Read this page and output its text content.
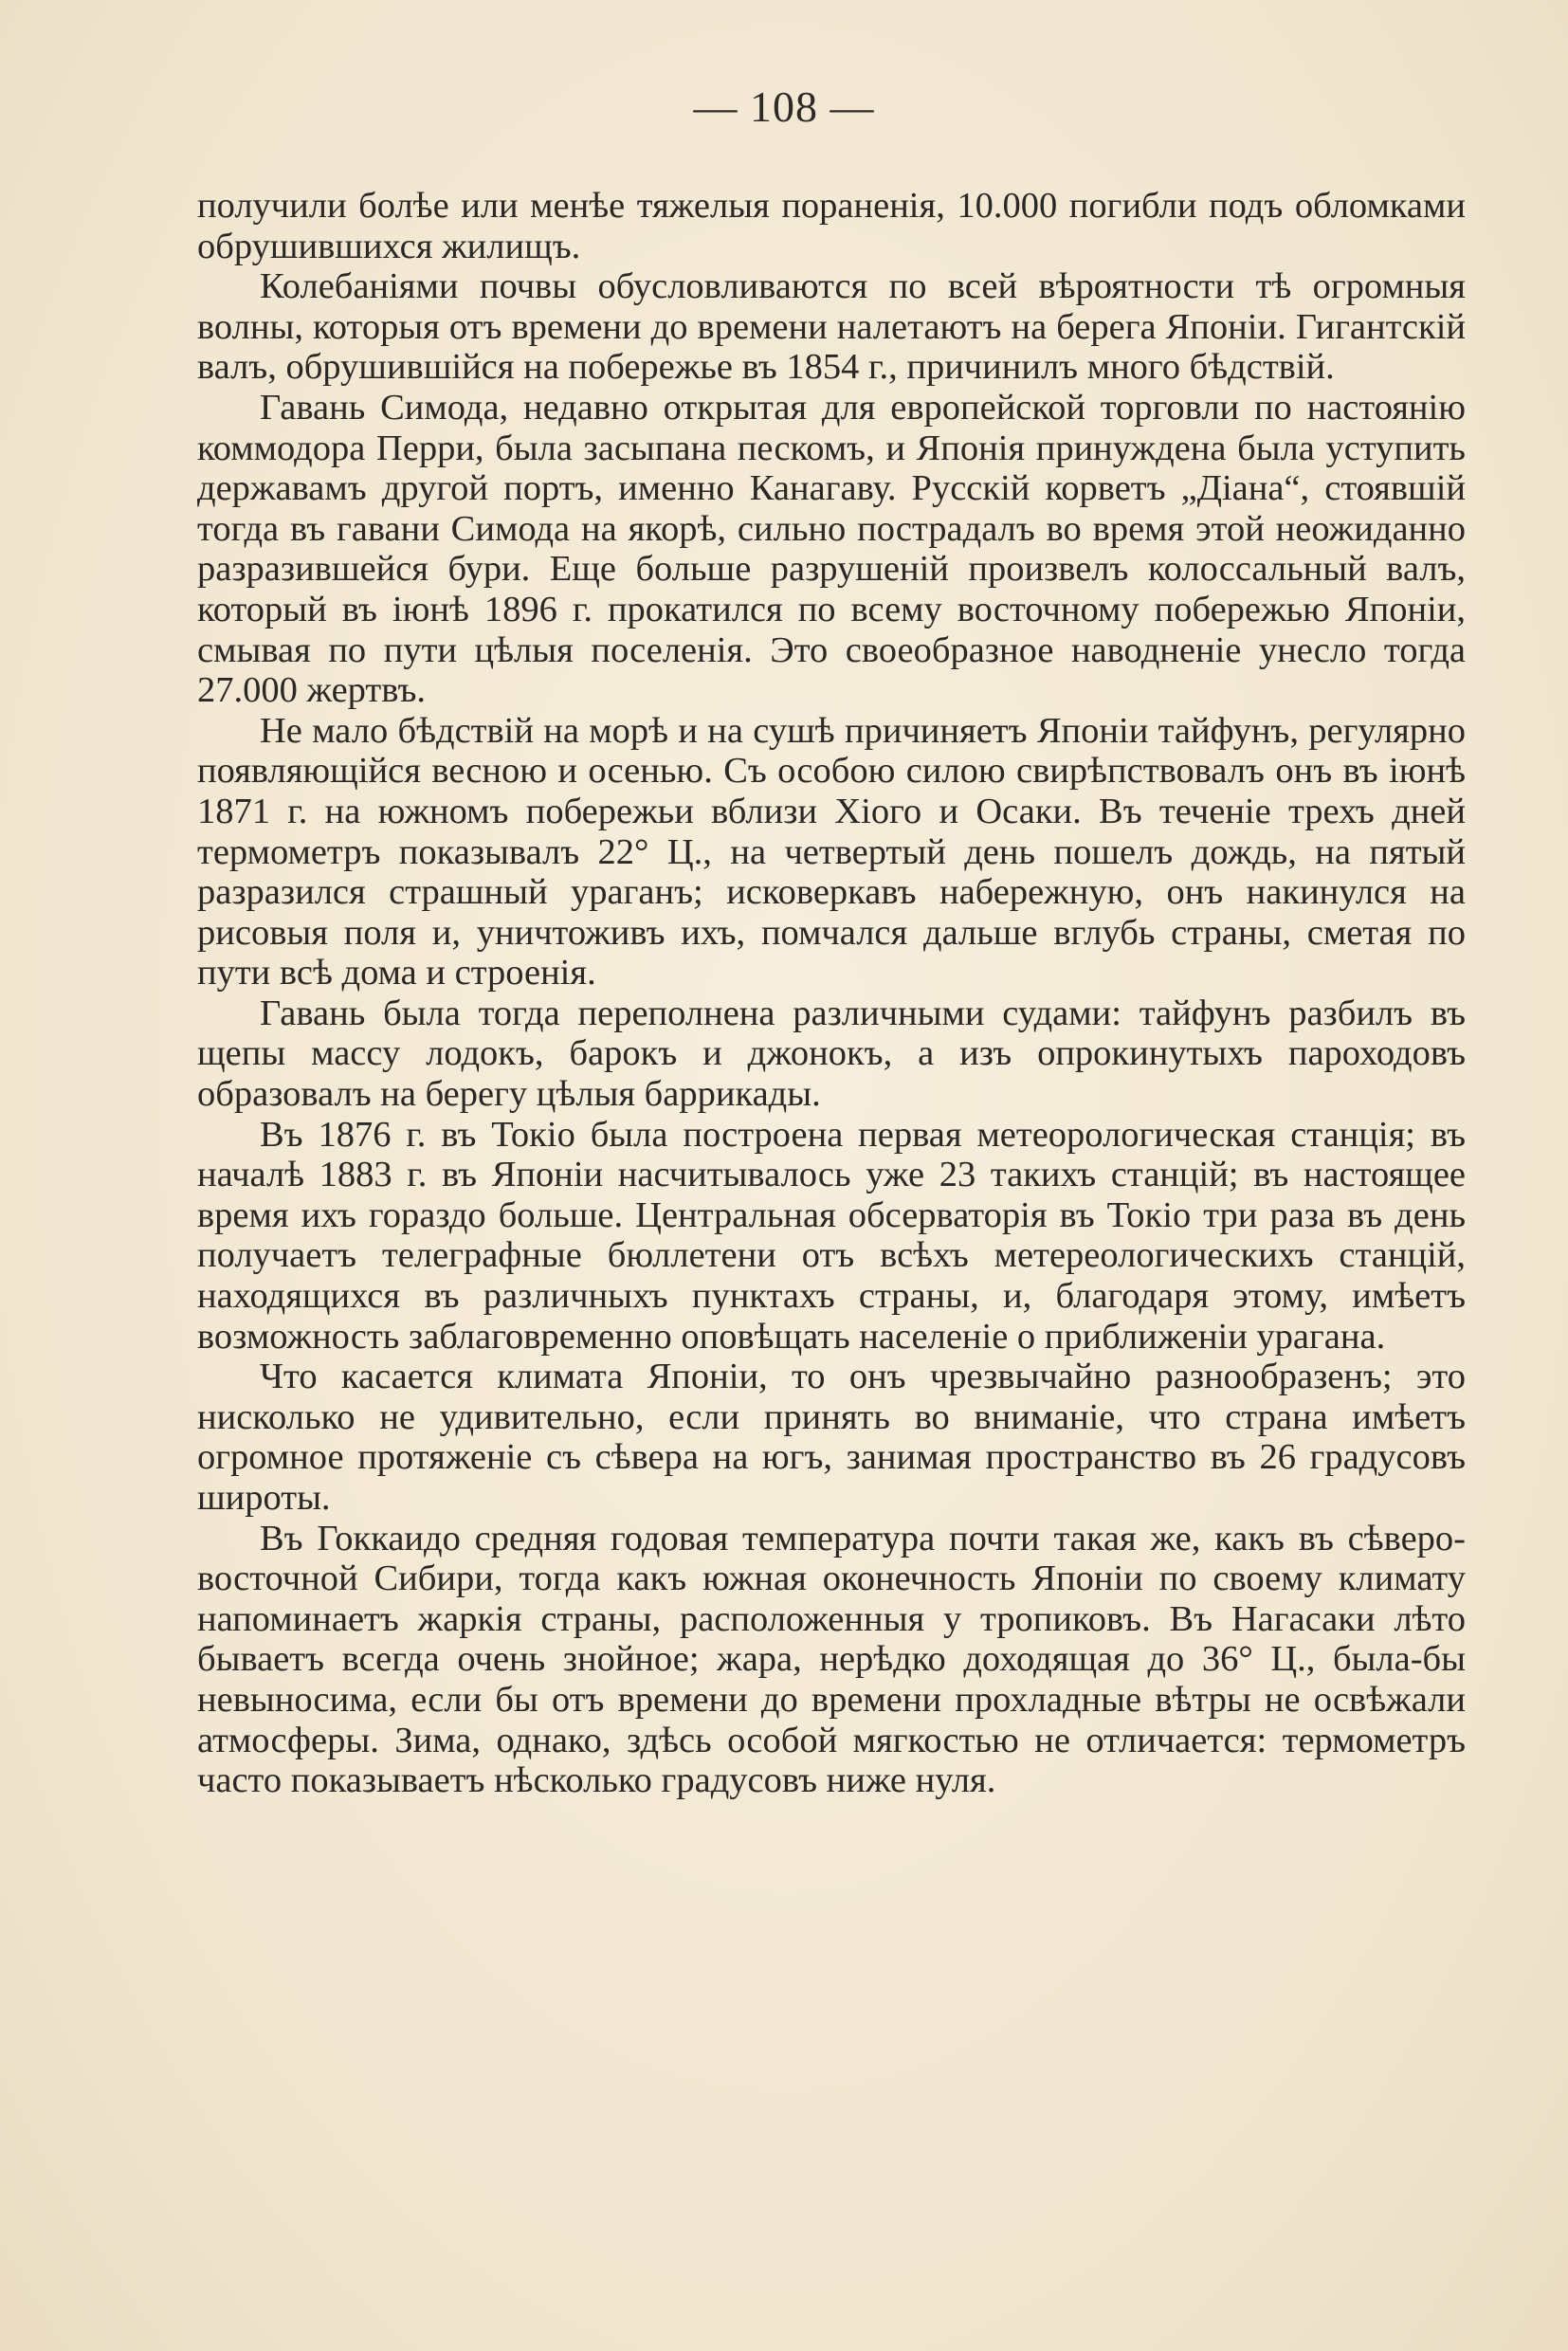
— 108 —

получили болѣе или менѣе тяжелыя пораненія, 10.000 погибли подъ обломками обрушившихся жилищъ.

Колебаніями почвы обусловливаются по всей вѣроятности тѣ огромныя волны, которыя отъ времени до времени налетаютъ на берега Японіи. Гигантскій валъ, обрушившійся на побережье въ 1854 г., причинилъ много бѣдствій.

Гавань Симода, недавно открытая для европейской торговли по настоянію коммодора Перри, была засыпана пескомъ, и Японія принуждена была уступить державамъ другой портъ, именно Канагаву. Русскій корветъ „Діана“, стоявшій тогда въ гавани Симода на якорѣ, сильно пострадалъ во время этой неожиданно разразившейся бури. Еще больше разрушеній произвелъ колоссальный валъ, который въ іюнѣ 1896 г. прокатился по всему восточному побережью Японіи, смывая по пути цѣлыя поселенія. Это своеобразное наводненіе унесло тогда 27.000 жертвъ.

Не мало бѣдствій на морѣ и на сушѣ причиняетъ Японіи тайфунъ, регулярно появляющійся весною и осенью. Съ особою силою свирѣпствовалъ онъ въ іюнѣ 1871 г. на южномъ побережьи вблизи Хіого и Осаки. Въ теченіе трехъ дней термометръ показывалъ 22° Ц., на четвертый день пошелъ дождь, на пятый разразился страшный ураганъ; исковеркавъ набережную, онъ накинулся на рисовыя поля и, уничтоживъ ихъ, помчался дальше вглубь страны, сметая по пути всѣ дома и строенія.

Гавань была тогда переполнена различными судами: тайфунъ разбилъ въ щепы массу лодокъ, барокъ и джонокъ, а изъ опрокинутыхъ пароходовъ образовалъ на берегу цѣлыя баррикады.

Въ 1876 г. въ Токіо была построена первая метеорологическая станція; въ началѣ 1883 г. въ Японіи насчитывалось уже 23 такихъ станцій; въ настоящее время ихъ гораздо больше. Центральная обсерваторія въ Токіо три раза въ день получаетъ телеграфные бюллетени отъ всѣхъ метереологическихъ станцій, находящихся въ различныхъ пунктахъ страны, и, благодаря этому, имѣетъ возможность заблаговременно оповѣщать населеніе о приближеніи урагана.

Что касается климата Японіи, то онъ чрезвычайно разнообразенъ; это нисколько не удивительно, если принять во вниманіе, что страна имѣетъ огромное протяженіе съ сѣвера на югъ, занимая пространство въ 26 градусовъ широты.

Въ Гоккаидо средняя годовая температура почти такая же, какъ въ сѣверо-восточной Сибири, тогда какъ южная оконечность Японіи по своему климату напоминаетъ жаркія страны, расположенныя у тропиковъ. Въ Нагасаки лѣто бываетъ всегда очень знойное; жара, нерѣдко доходящая до 36° Ц., была-бы невыносима, если бы отъ времени до времени прохладные вѣтры не освѣжали атмосферы. Зима, однако, здѣсь особой мягкостью не отличается: термометръ часто показываетъ нѣсколько градусовъ ниже нуля.
